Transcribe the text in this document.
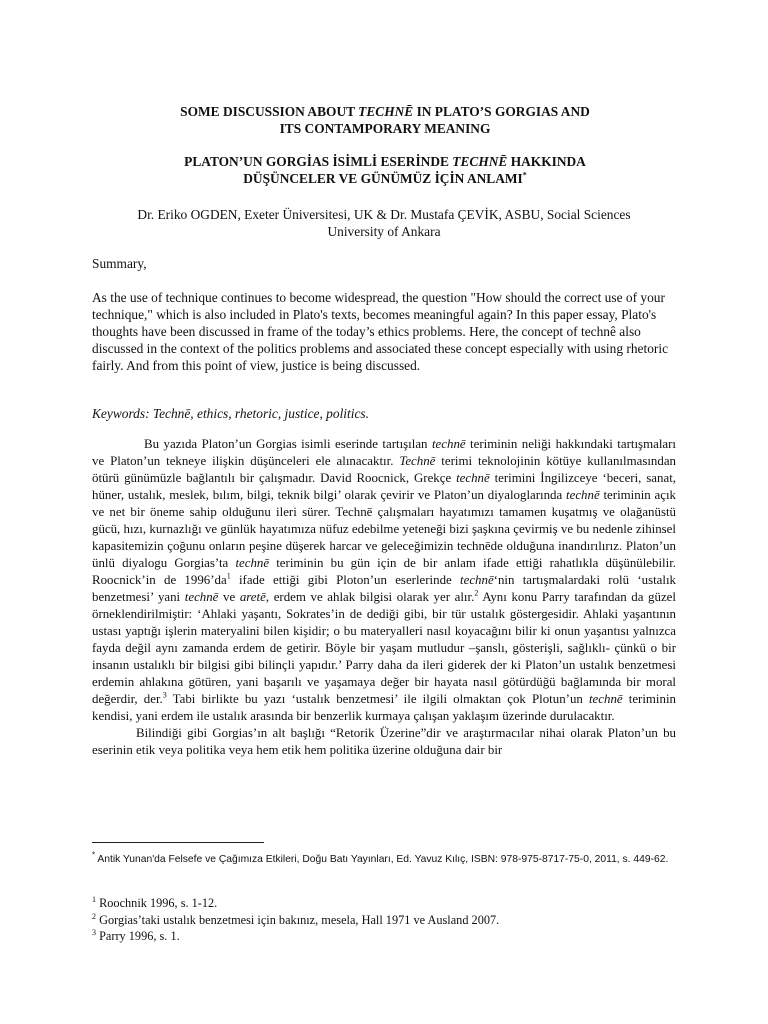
SOME DISCUSSION ABOUT TECHNĒ IN PLATO’S GORGIAS AND
ITS CONTAMPORARY MEANING
PLATON’UN GORGİAS İSİMLİ ESERİNDE TECHNĒ HAKKINDA
DÜŞÜNCELER VE GÜNÜMÜZ İÇİN ANLAMI*
Dr. Eriko OGDEN, Exeter Üniversitesi, UK & Dr. Mustafa ÇEVİK, ASBU, Social Sciences
University of Ankara
Summary,

As the use of technique continues to become widespread, the question "How should the correct use of your technique," which is also included in Plato's texts, becomes meaningful again? In this paper essay, Plato's thoughts have been discussed in frame of the today’s ethics problems. Here, the concept of technê also discussed in the context of the politics problems and associated these concept especially with using rhetoric fairly. And from this point of view, justice is being discussed.

Keywords: Technē, ethics, rhetoric, justice, politics.

Bu yazıda Platon’un Gorgias isimli eserinde tartışılan technē teriminin neliği hakkındaki tartışmaları ve Platon’un tekneye ilişkin düşünceleri ele alınacaktır. Technē terimi teknolojinin kötüye kullanılmasından ötürü günümüzle bağlantılı bir çalışmadır. David Roocnick, Grekçe technē terimini İngilizceye ‘beceri, sanat, hüner, ustalık, meslek, bılım, bilgi, teknik bilgi’ olarak çevirir ve Platon’un diyaloglarında technē teriminin açık ve net bir öneme sahip olduğunu ileri sürer. Technē çalışmaları hayatımızı tamamen kuşatmış ve olağanüstü gücü, hızı, kurnazlığı ve günlük hayatımıza nüfuz edebilme yeteneği bizi şaşkına çevirmiş ve bu nedenle zihinsel kapasitemizin çoğunu onların peşine düşerek harcar ve geleceğimizin technēde olduğuna inandırılırız. Platon’un ünlü diyalogu Gorgias’ta technē teriminin bu gün için de bir anlam ifade ettiği rahatlıkla düşünülebilir. Roocnick’in de $1996’da^1$ ifade ettiği gibi Ploton’un eserlerinde technē‘nin tartışmalardaki rolü ‘ustalık benzetmesi’ yani technē ve aretē, erdem ve ahlak bilgisi olarak yer alır.$^2$ Aynı konu Parry tarafından da güzel örneklendirilmiştir: ‘Ahlaki yaşantı, Sokrates’in de dediği gibi, bir tür ustalık göstergesidir. Ahlaki yaşantının ustası yaptığı işlerin materyalini bilen kişidir; o bu materyalleri nasıl koyacağını bilir ki onun yaşantısı yalnızca fayda değil aynı zamanda erdem de getirir. Böyle bir yaşam mutludur –şanslı, gösterişli, sağlıklı- çünkü o bir insanın ustalıklı bir bilgisi gibi bilinçli yapıdır.’ Parry daha da ileri giderek der ki Platon’un ustalık benzetmesi erdemin ahlakına götüren, yani başarılı ve yaşamaya değer bir hayata nasıl götürdüğü bağlamında bir moral değerdir, der.$^3$ Tabi birlikte bu yazı ‘ustalık benzetmesi’ ile ilgili olmaktan çok Plotun’un technē teriminin kendisi, yani erdem ile ustalık arasında bir benzerlik kurmaya çalışan yaklaşım üzerinde durulacaktır.

Bilindiği gibi Gorgias’ın alt başlığı “Retorik Üzerine”dir ve araştırmacılar nihai olarak Platon’un bu eserinin etik veya politika veya hem etik hem politika üzerine olduğuna dair bir

* Antik Yunan'da Felsefe ve Çağımıza Etkileri, Doğu Batı Yayınları, Ed. Yavuz Kılıç, ISBN: 978-975-8717-75-0, 2011, s. 449-62.
$^1$ Roochnik 1996, s. 1-12.
$^2$ Gorgias’taki ustalık benzetmesi için bakınız, mesela, Hall 1971 ve Ausland 2007.
$^3$ Parry 1996, s. 1.
